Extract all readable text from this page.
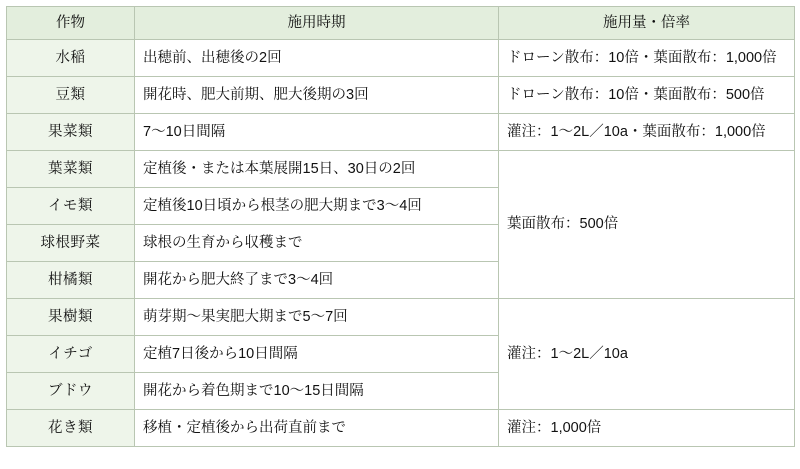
作物	施用時期	施用量・倍率
水稲	出穂前、出穂後の2回	ドローン散布：10倍・葉面散布：1,000倍
豆類	開花時、肥大前期、肥大後期の3回	ドローン散布：10倍・葉面散布：500倍
果菜類	7〜10日間隔	灌注：1〜2L／10a・葉面散布：1,000倍
葉菜類	定植後・または本葉展開15日、30日の2回	葉面散布：500倍
イモ類	定植後10日頃から根茎の肥大期まで3〜4回	
球根野菜	球根の生育から収穫まで	
柑橘類	開花から肥大終了まで3〜4回	
果樹類	萌芽期〜果実肥大期まで5〜7回	灌注：1〜2L／10a
イチゴ	定植7日後から10日間隔	
ブドウ	開花から着色期まで10〜15日間隔	
花き類	移植・定植後から出荷直前まで	灌注：1,000倍
